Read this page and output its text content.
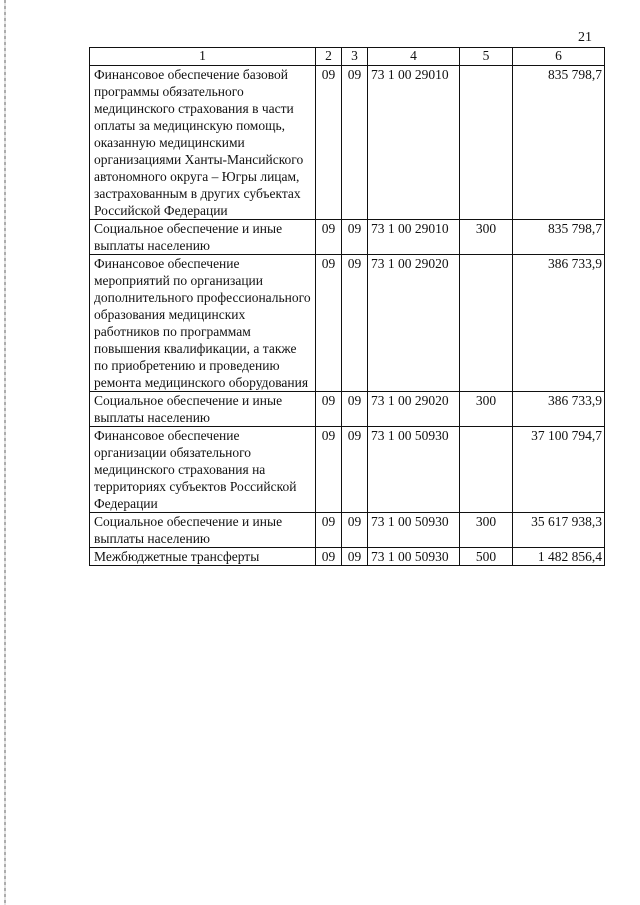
21
1	2	3	4	5	6
Финансовое обеспечение базовой программы обязательного медицинского страхования в части оплаты за медицинскую помощь, оказанную медицинскими организациями Ханты-Мансийского автономного округа – Югры лицам, застрахованным в других субъектах Российской Федерации	09	09	73 1 00 29010		835 798,7
Социальное обеспечение и иные выплаты населению	09	09	73 1 00 29010	300	835 798,7
Финансовое обеспечение мероприятий по организации дополнительного профессионального образования медицинских работников по программам повышения квалификации, а также по приобретению и проведению ремонта медицинского оборудования	09	09	73 1 00 29020		386 733,9
Социальное обеспечение и иные выплаты населению	09	09	73 1 00 29020	300	386 733,9
Финансовое обеспечение организации обязательного медицинского страхования на территориях субъектов Российской Федерации	09	09	73 1 00 50930		37 100 794,7
Социальное обеспечение и иные выплаты населению	09	09	73 1 00 50930	300	35 617 938,3
Межбюджетные трансферты	09	09	73 1 00 50930	500	1 482 856,4
